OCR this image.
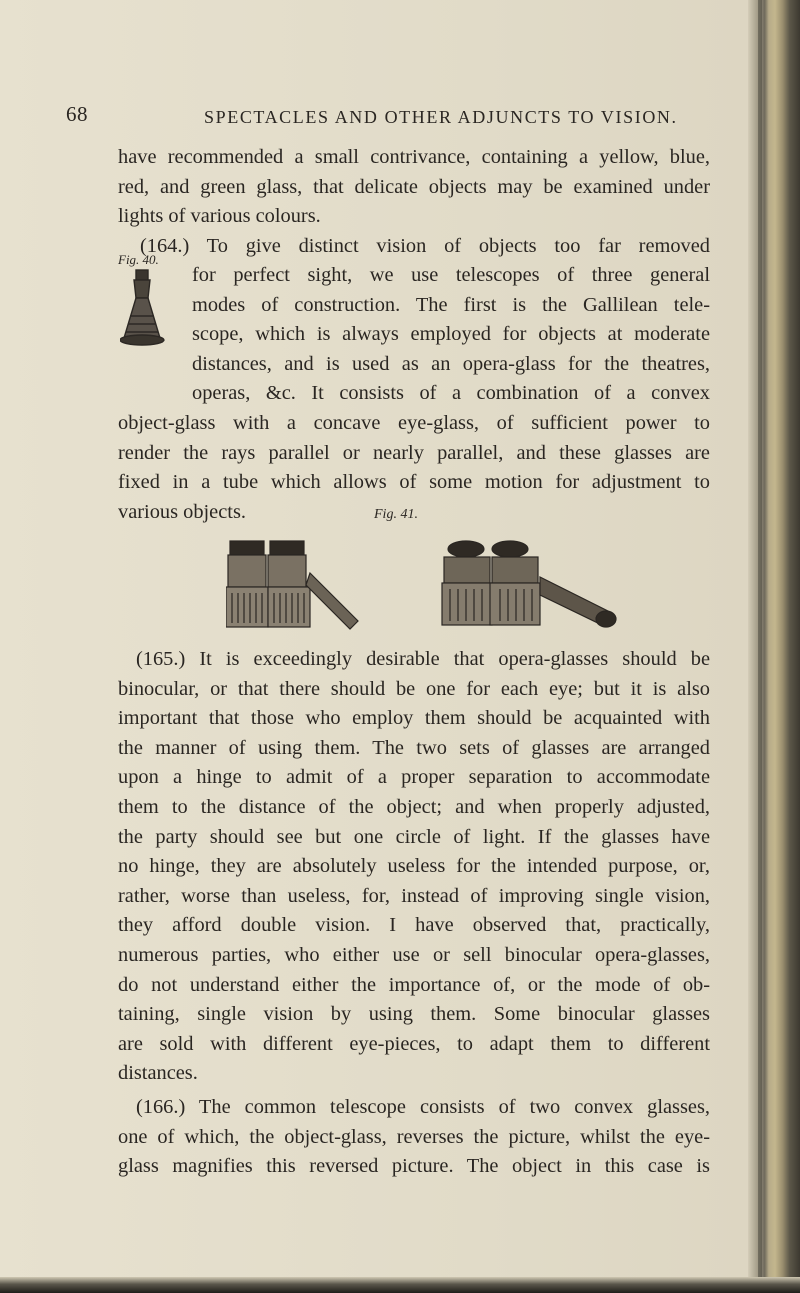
68	SPECTACLES AND OTHER ADJUNCTS TO VISION.
have recommended a small contrivance, containing a yellow, blue,
red, and green glass, that delicate objects may be examined under
lights of various colours.
(164.) To give distinct vision of objects too far removed
for perfect sight, we use telescopes of three general
modes of construction. The first is the Gallilean tele-
scope, which is always employed for objects at moderate
distances, and is used as an opera-glass for the theatres,
operas, &c. It consists of a combination of a convex
object-glass with a concave eye-glass, of sufficient power to
render the rays parallel or nearly parallel, and these glasses are
fixed in a tube which allows of some motion for adjustment to
various objects.
Fig. 40.
Fig. 41.
(165.) It is exceedingly desirable that opera-glasses should be
binocular, or that there should be one for each eye; but it is also
important that those who employ them should be acquainted with
the manner of using them. The two sets of glasses are arranged
upon a hinge to admit of a proper separation to accommodate
them to the distance of the object; and when properly adjusted,
the party should see but one circle of light. If the glasses have
no hinge, they are absolutely useless for the intended purpose, or,
rather, worse than useless, for, instead of improving single vision,
they afford double vision. I have observed that, practically,
numerous parties, who either use or sell binocular opera-glasses,
do not understand either the importance of, or the mode of ob-
taining, single vision by using them. Some binocular glasses
are sold with different eye-pieces, to adapt them to different
distances.
(166.) The common telescope consists of two convex glasses,
one of which, the object-glass, reverses the picture, whilst the eye-
glass magnifies this reversed picture. The object in this case is
